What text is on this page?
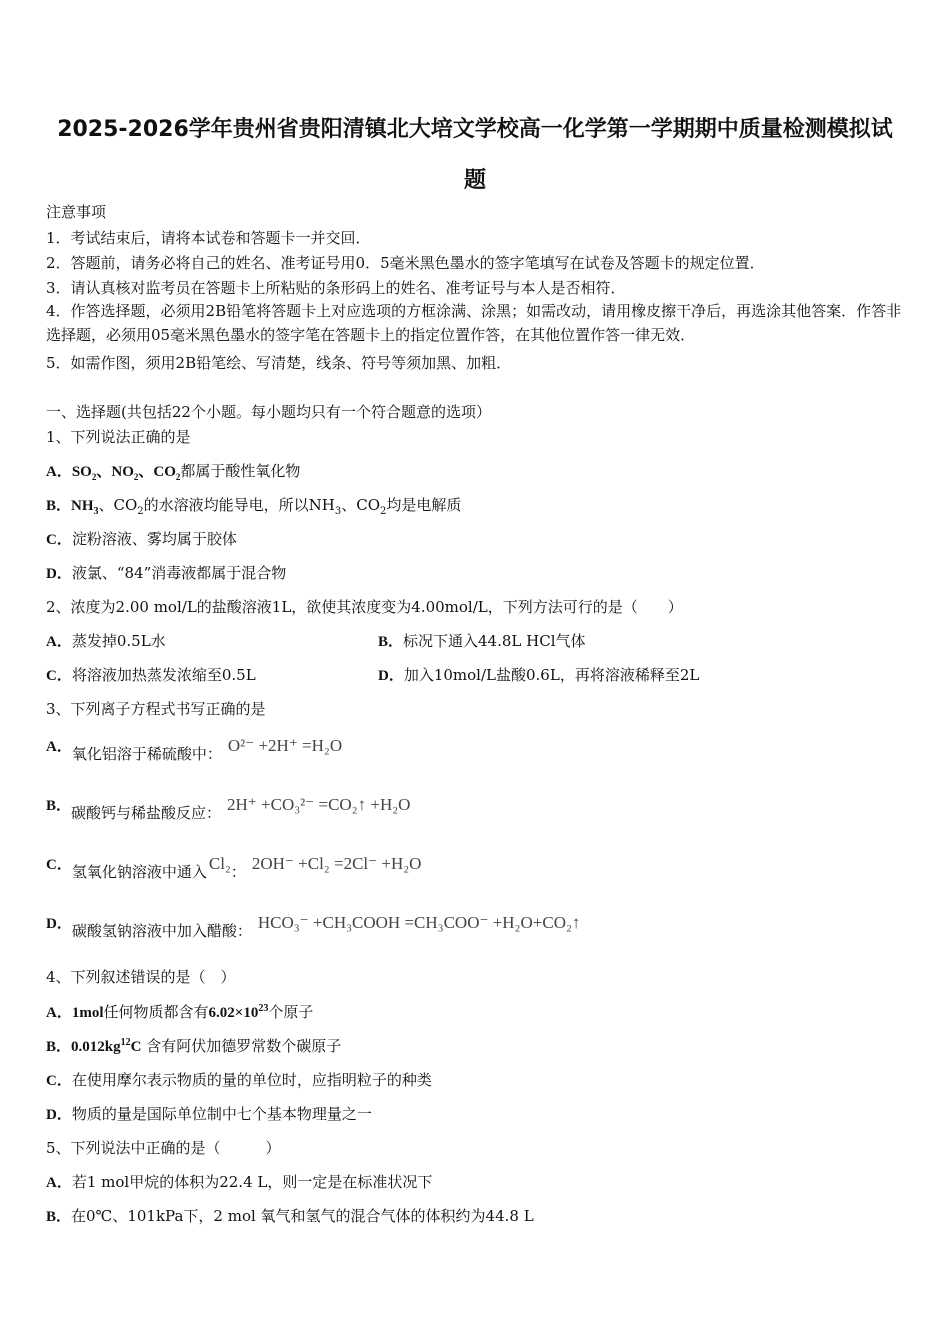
2025-2026学年贵州省贵阳清镇北大培文学校高一化学第一学期期中质量检测模拟试
题
注意事项
1．考试结束后，请将本试卷和答题卡一并交回．
2．答题前，请务必将自己的姓名、准考证号用0．5毫米黑色墨水的签字笔填写在试卷及答题卡的规定位置．
3．请认真核对监考员在答题卡上所粘贴的条形码上的姓名、准考证号与本人是否相符．
4．作答选择题，必须用2B铅笔将答题卡上对应选项的方框涂满、涂黑；如需改动，请用橡皮擦干净后，再选涂其他答案．作答非选择题，必须用05毫米黑色墨水的签字笔在答题卡上的指定位置作答，在其他位置作答一律无效．
5．如需作图，须用2B铅笔绘、写清楚，线条、符号等须加黑、加粗．
一、选择题(共包括22个小题。每小题均只有一个符合题意的选项）
1、下列说法正确的是
A．$SO_2$、$NO_2$、$CO_2$都属于酸性氧化物
B．$NH_3$、$CO_2$的水溶液均能导电，所以$NH_3$、$CO_2$均是电解质
C．淀粉溶液、雾均属于胶体
D．液氯、“84”消毒液都属于混合物
2、浓度为2.00 mol/L的盐酸溶液1L，欲使其浓度变为4.00mol/L，下列方法可行的是（　　）
A．蒸发掉0.5L水	B．标况下通入44.8L HCl气体
C．将溶液加热蒸发浓缩至0.5L	D．加入10mol/L盐酸0.6L，再将溶液稀释至2L
3、下列离子方程式书写正确的是
A．氧化铝溶于稀硫酸中： O²⁻ +2H⁺ =H₂O
B．碳酸钙与稀盐酸反应： 2H⁺ +CO₃²⁻ =CO₂↑ +H₂O
C．氢氧化钠溶液中通入 Cl₂： 2OH⁻ +Cl₂ =2Cl⁻ +H₂O
D．碳酸氢钠溶液中加入醋酸： HCO₃⁻ +CH₃COOH =CH₃COO⁻ +H₂O+CO₂↑
4、下列叙述错误的是（　）
A．1mol任何物质都含有$6.02\times 10^{23}$个原子
B．$0.012kg^{12}C$ 含有阿伏加德罗常数个碳原子
C．在使用摩尔表示物质的量的单位时，应指明粒子的种类
D．物质的量是国际单位制中七个基本物理量之一
5、下列说法中正确的是（　　　）
A．若1 mol甲烷的体积为22.4 L，则一定是在标准状况下
B．在0℃、101kPa下，2 mol 氧气和氢气的混合气体的体积约为44.8 L
